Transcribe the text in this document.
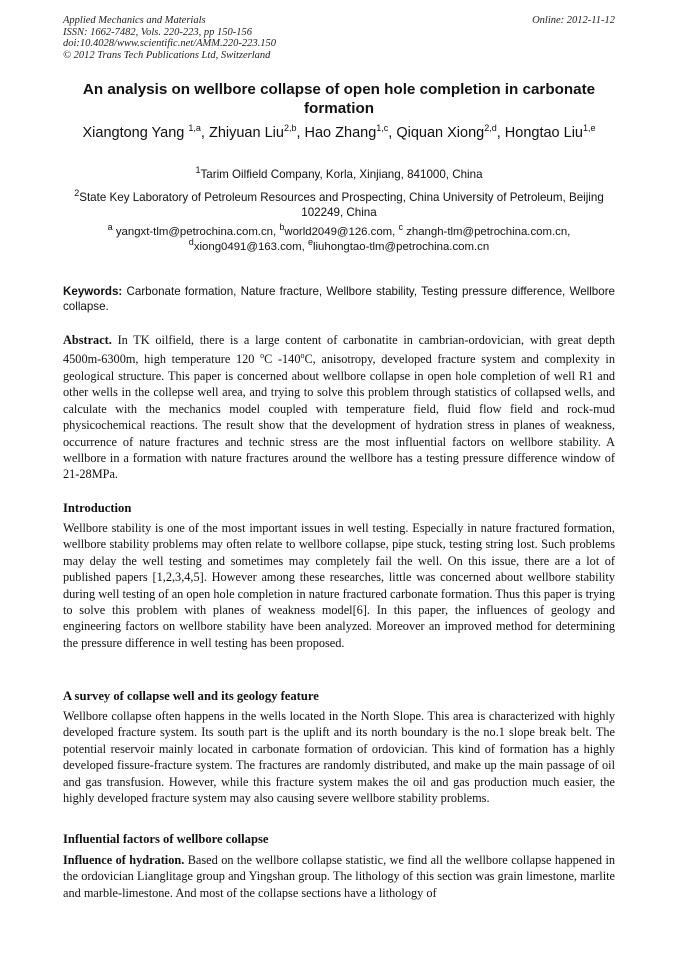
Applied Mechanics and Materials	Online: 2012-11-12
ISSN: 1662-7482, Vols. 220-223, pp 150-156
doi:10.4028/www.scientific.net/AMM.220-223.150
© 2012 Trans Tech Publications Ltd, Switzerland
An analysis on wellbore collapse of open hole completion in carbonate formation
Xiangtong Yang $^{1,a}$, Zhiyuan Liu$^{2,b}$, Hao Zhang$^{1,c}$, Qiquan Xiong$^{2,d}$, Hongtao Liu$^{1,e}$
$^1$Tarim Oilfield Company, Korla, Xinjiang, 841000, China
$^2$State Key Laboratory of Petroleum Resources and Prospecting, China University of Petroleum, Beijing 102249, China
$^a$ yangxt-tlm@petrochina.com.cn, $^b$world2049@126.com, $^c$ zhangh-tlm@petrochina.com.cn,
$^d$xiong0491@163.com, $^e$liuhongtao-tlm@petrochina.com.cn
Keywords: Carbonate formation, Nature fracture, Wellbore stability, Testing pressure difference, Wellbore collapse.

Abstract. In TK oilfield, there is a large content of carbonatite in cambrian-ordovician, with great depth 4500m-6300m, high temperature 120 $^o$C -140$^o$C, anisotropy, developed fracture system and complexity in geological structure. This paper is concerned about wellbore collapse in open hole completion of well R1 and other wells in the collepse well area, and trying to solve this problem through statistics of collapsed wells, and calculate with the mechanics model coupled with temperature field, fluid flow field and rock-mud physicochemical reactions. The result show that the development of hydration stress in planes of weakness, occurrence of nature fractures and technic stress are the most influential factors on wellbore stability. A wellbore in a formation with nature fractures around the wellbore has a testing pressure difference window of 21-28MPa.

Introduction

Wellbore stability is one of the most important issues in well testing. Especially in nature fractured formation, wellbore stability problems may often relate to wellbore collapse, pipe stuck, testing string lost. Such problems may delay the well testing and sometimes may completely fail the well. On this issue, there are a lot of published papers [1,2,3,4,5]. However among these researches, little was concerned about wellbore stability during well testing of an open hole completion in nature fractured carbonate formation. Thus this paper is trying to solve this problem with planes of weakness model[6]. In this paper, the influences of geology and engineering factors on wellbore stability have been analyzed. Moreover an improved method for determining the pressure difference in well testing has been proposed.

A survey of collapse well and its geology feature

Wellbore collapse often happens in the wells located in the North Slope. This area is characterized with highly developed fracture system. Its south part is the uplift and its north boundary is the no.1 slope break belt. The potential reservoir mainly located in carbonate formation of ordovician. This kind of formation has a highly developed fissure-fracture system. The fractures are randomly distributed, and make up the main passage of oil and gas transfusion. However, while this fracture system makes the oil and gas production much easier, the highly developed fracture system may also causing severe wellbore stability problems.

Influential factors of wellbore collapse

Influence of hydration. Based on the wellbore collapse statistic, we find all the wellbore collapse happened in the ordovician Lianglitage group and Yingshan group. The lithology of this section was grain limestone, marlite and marble-limestone. And most of the collapse sections have a lithology of
